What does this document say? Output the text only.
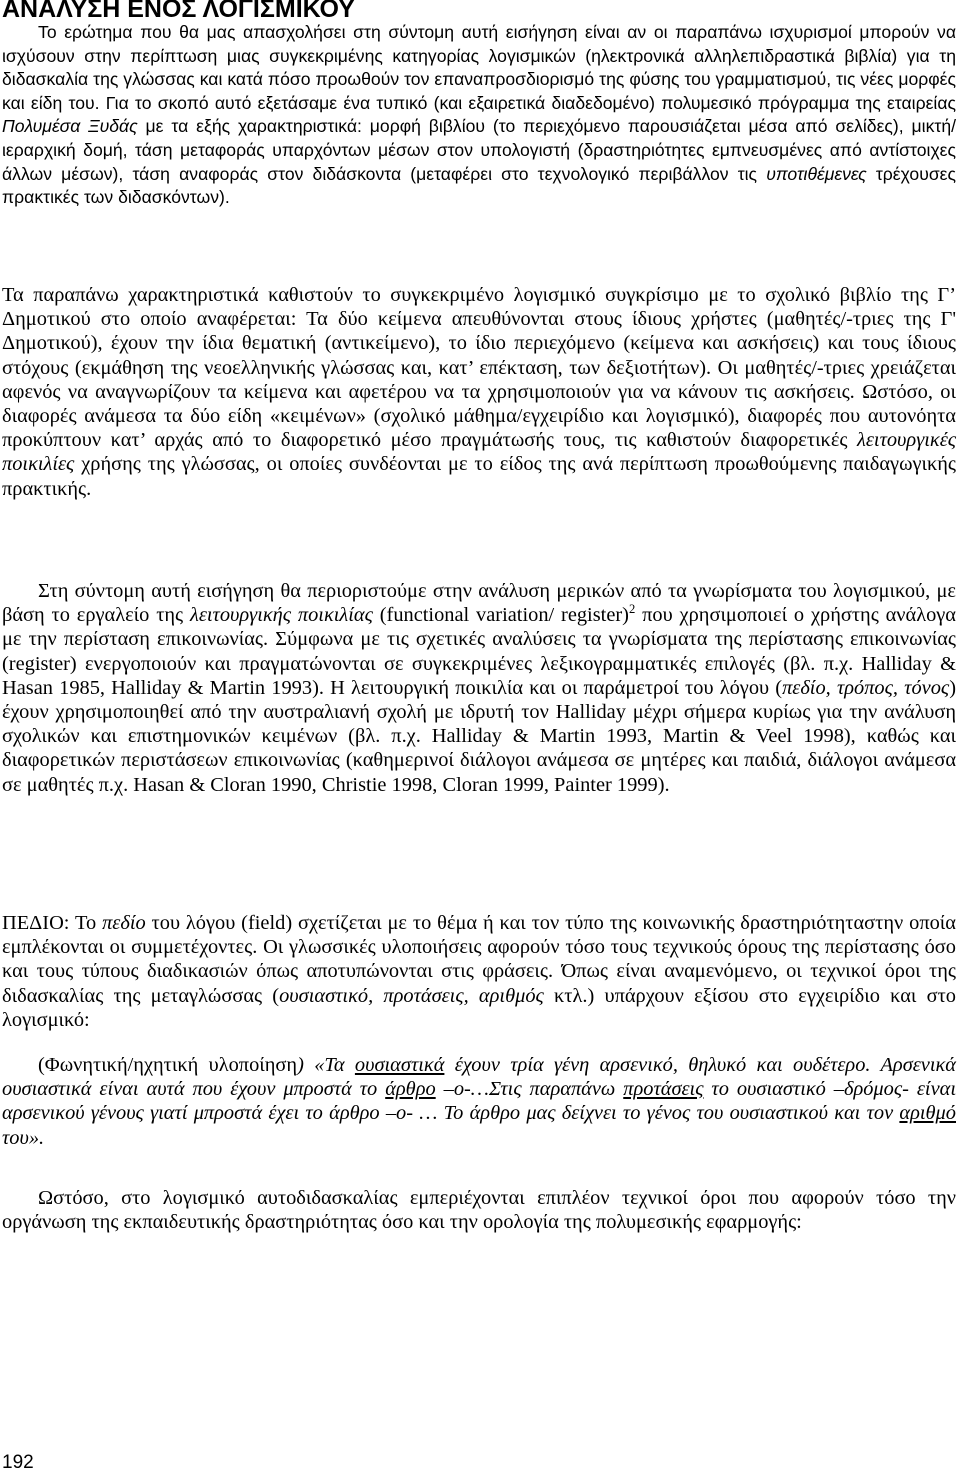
ΑΝΑΛΥΣΗ ΕΝΟΣ ΛΟΓΙΣΜΙΚΟΥ

Το ερώτημα που θα μας απασχολήσει στη σύντομη αυτή εισήγηση είναι αν οι παραπάνω ισχυρισμοί μπορούν να ισχύσουν στην περίπτωση μιας συγκεκριμένης κατηγορίας λογισμικών (ηλεκτρονικά αλληλεπιδραστικά βιβλία) για τη διδασκαλία της γλώσσας και κατά πόσο προωθούν τον επαναπροσδιορισμό της φύσης του γραμματισμού, τις νέες μορφές και είδη του. Για το σκοπό αυτό εξετάσαμε ένα τυπικό (και εξαιρετικά διαδεδομένο) πολυμεσικό πρόγραμμα της εταιρείας Πολυμέσα Ξυδάς με τα εξής χαρακτηριστικά: μορφή βιβλίου (το περιεχόμενο παρουσιάζεται μέσα από σελίδες), μικτή/ιεραρχική δομή, τάση μεταφοράς υπαρχόντων μέσων στον υπολογιστή (δραστηριότητες εμπνευσμένες από αντίστοιχες άλλων μέσων), τάση αναφοράς στον διδάσκοντα (μεταφέρει στο τεχνολογικό περιβάλλον τις υποτιθέμενες τρέχουσες πρακτικές των διδασκόντων).

Τα παραπάνω χαρακτηριστικά καθιστούν το συγκεκριμένο λογισμικό συγκρίσιμο με το σχολικό βιβλίο της Γ’ Δημοτικού στο οποίο αναφέρεται: Τα δύο κείμενα απευθύνονται στους ίδιους χρήστες (μαθητές/-τριες της Γ' Δημοτικού), έχουν την ίδια θεματική (αντικείμενο), το ίδιο περιεχόμενο (κείμενα και ασκήσεις) και τους ίδιους στόχους (εκμάθηση της νεοελληνικής γλώσσας και, κατ’ επέκταση, των δεξιοτήτων). Οι μαθητές/-τριες χρειάζεται αφενός να αναγνωρίζουν τα κείμενα και αφετέρου να τα χρησιμοποιούν για να κάνουν τις ασκήσεις. Ωστόσο, οι διαφορές ανάμεσα τα δύο είδη «κειμένων» (σχολικό μάθημα/εγχειρίδιο και λογισμικό), διαφορές που αυτονόητα προκύπτουν κατ’ αρχάς από το διαφορετικό μέσο πραγμάτωσής τους, τις καθιστούν διαφορετικές λειτουργικές ποικιλίες χρήσης της γλώσσας, οι οποίες συνδέονται με το είδος της ανά περίπτωση προωθούμενης παιδαγωγικής πρακτικής.

Στη σύντομη αυτή εισήγηση θα περιοριστούμε στην ανάλυση μερικών από τα γνωρίσματα του λογισμικού, με βάση το εργαλείο της λειτουργικής ποικιλίας (functional variation/ register)$^2$ που χρησιμοποιεί ο χρήστης ανάλογα με την περίσταση επικοινωνίας. Σύμφωνα με τις σχετικές αναλύσεις τα γνωρίσματα της περίστασης επικοινωνίας (register) ενεργοποιούν και πραγματώνονται σε συγκεκριμένες λεξικογραμματικές επιλογές (βλ. π.χ. Halliday & Hasan 1985, Halliday & Martin 1993). Η λειτουργική ποικιλία και οι παράμετροί του λόγου (πεδίο, τρόπος, τόνος) έχουν χρησιμοποιηθεί από την αυστραλιανή σχολή με ιδρυτή τον Halliday μέχρι σήμερα κυρίως για την ανάλυση σχολικών και επιστημονικών κειμένων (βλ. π.χ. Halliday & Martin 1993, Martin & Veel 1998), καθώς και διαφορετικών περιστάσεων επικοινωνίας (καθημερινοί διάλογοι ανάμεσα σε μητέρες και παιδιά, διάλογοι ανάμεσα σε μαθητές π.χ. Hasan & Cloran 1990, Christie 1998, Cloran 1999, Painter 1999).

ΠΕΔΙΟ: Το πεδίο του λόγου (field) σχετίζεται με το θέμα ή και τον τύπο της κοινωνικής δραστηριότηταστην οποία εμπλέκονται οι συμμετέχοντες. Οι γλωσσικές υλοποιήσεις αφορούν τόσο τους τεχνικούς όρους της περίστασης όσο και τους τύπους διαδικασιών όπως αποτυπώνονται στις φράσεις. Όπως είναι αναμενόμενο, οι τεχνικοί όροι της διδασκαλίας της μεταγλώσσας (ουσιαστικό, προτάσεις, αριθμός κτλ.) υπάρχουν εξίσου στο εγχειρίδιο και στο λογισμικό:

(Φωνητική/ηχητική υλοποίηση) «Τα ουσιαστικά έχουν τρία γένη αρσενικό, θηλυκό και ουδέτερο. Αρσενικά ουσιαστικά είναι αυτά που έχουν μπροστά το άρθρο –ο-…Στις παραπάνω προτάσεις το ουσιαστικό –δρόμος- είναι αρσενικού γένους γιατί μπροστά έχει το άρθρο –ο- … Το άρθρο μας δείχνει το γένος του ουσιαστικού και τον αριθμό του».

Ωστόσο, στο λογισμικό αυτοδιδασκαλίας εμπεριέχονται επιπλέον τεχνικοί όροι που αφορούν τόσο την οργάνωση της εκπαιδευτικής δραστηριότητας όσο και την ορολογία της πολυμεσικής εφαρμογής:

192
